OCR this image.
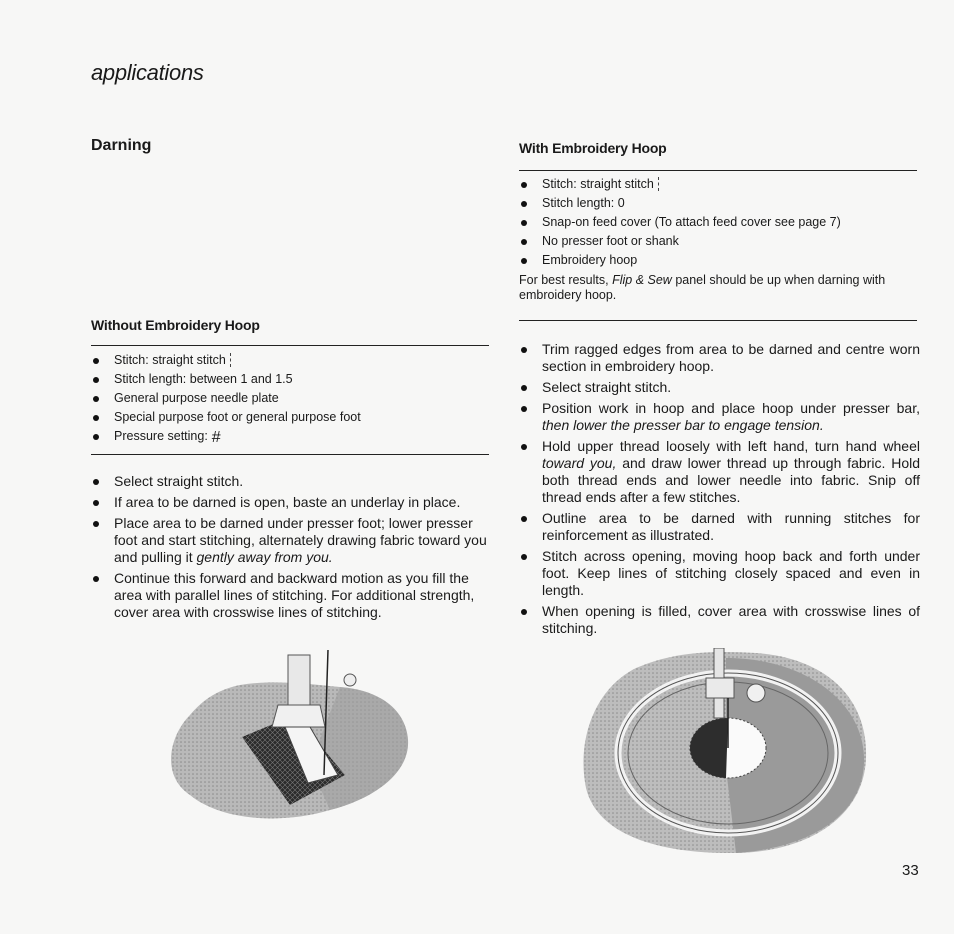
applications
Darning
Without Embroidery Hoop
Stitch: straight stitch
Stitch length: between 1 and 1.5
General purpose needle plate
Special purpose foot or general purpose foot
Pressure setting: #
Select straight stitch.
If area to be darned is open, baste an underlay in place.
Place area to be darned under presser foot; lower presser foot and start stitching, alternately drawing fabric toward you and pulling it gently away from you.
Continue this forward and backward motion as you fill the area with parallel lines of stitching. For additional strength, cover area with crosswise lines of stitching.
With Embroidery Hoop
Stitch: straight stitch
Stitch length: 0
Snap-on feed cover (To attach feed cover see page 7)
No presser foot or shank
Embroidery hoop
For best results, Flip & Sew panel should be up when darning with embroidery hoop.
Trim ragged edges from area to be darned and centre worn section in embroidery hoop.
Select straight stitch.
Position work in hoop and place hoop under presser bar, then lower the presser bar to engage tension.
Hold upper thread loosely with left hand, turn hand wheel toward you, and draw lower thread up through fabric. Hold both thread ends and lower needle into fabric. Snip off thread ends after a few stitches.
Outline area to be darned with running stitches for reinforcement as illustrated.
Stitch across opening, moving hoop back and forth under foot. Keep lines of stitching closely spaced and even in length.
When opening is filled, cover area with crosswise lines of stitching.
33
